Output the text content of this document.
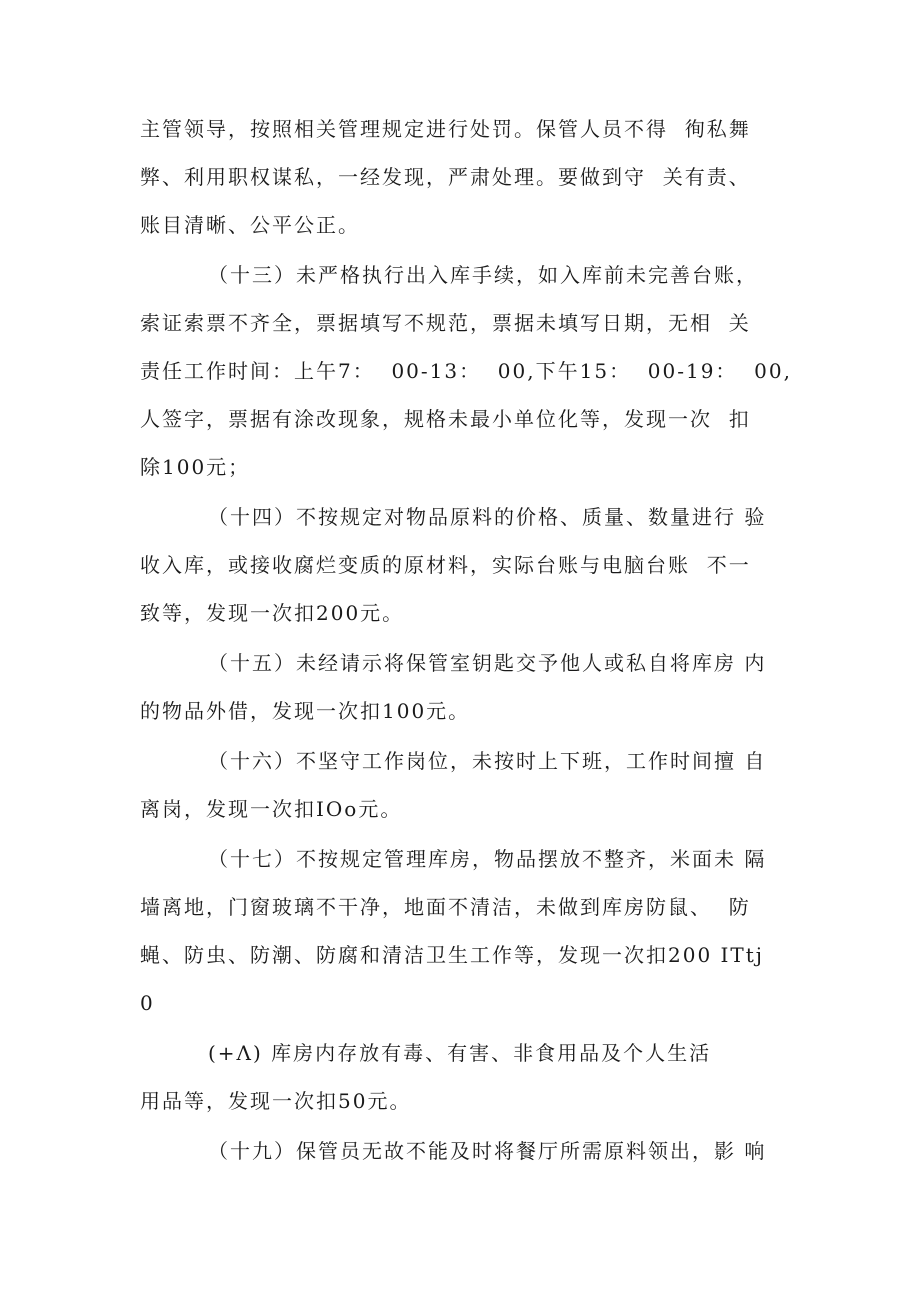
主管领导，按照相关管理规定进行处罚。保管人员不得  徇私舞
弊、利用职权谋私，一经发现，严肃处理。要做到守  关有责、
账目清晰、公平公正。
（十三）未严格执行出入库手续，如入库前未完善台账，
索证索票不齐全，票据填写不规范，票据未填写日期，无相  关
责任工作时间：上午7：  00-13：  00,下午15：  00-19：  00,
人签字，票据有涂改现象，规格未最小单位化等，发现一次  扣
除100元；
（十四）不按规定对物品原料的价格、质量、数量进行 验
收入库，或接收腐烂变质的原材料，实际台账与电脑台账  不一
致等，发现一次扣200元。
（十五）未经请示将保管室钥匙交予他人或私自将库房 内
的物品外借，发现一次扣100元。
（十六）不坚守工作岗位，未按时上下班，工作时间擅 自
离岗，发现一次扣IOo元。
（十七）不按规定管理库房，物品摆放不整齐，米面未 隔
墙离地，门窗玻璃不干净，地面不清洁，未做到库房防鼠、  防
蝇、防虫、防潮、防腐和清洁卫生工作等，发现一次扣200 ITtj
0
(+Λ) 库房内存放有毒、有害、非食用品及个人生活
用品等，发现一次扣50元。
（十九）保管员无故不能及时将餐厅所需原料领出，影 响
